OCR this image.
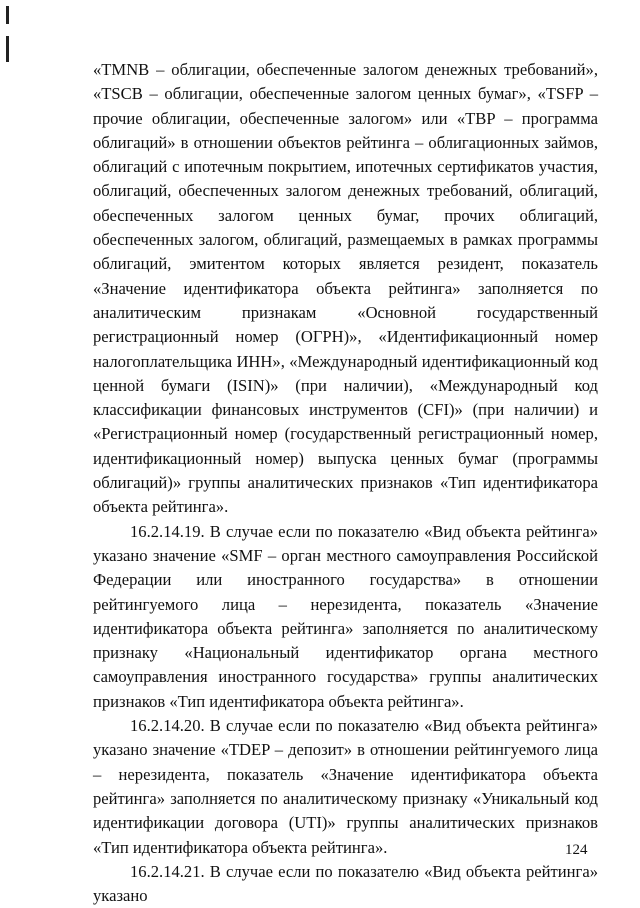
«TMNB – облигации, обеспеченные залогом денежных требований», «TSCB – облигации, обеспеченные залогом ценных бумаг», «TSFP – прочие облигации, обеспеченные залогом» или «TBP – программа облигаций» в отношении объектов рейтинга – облигационных займов, облигаций с ипотечным покрытием, ипотечных сертификатов участия, облигаций, обеспеченных залогом денежных требований, облигаций, обеспеченных залогом ценных бумаг, прочих облигаций, обеспеченных залогом, облигаций, размещаемых в рамках программы облигаций, эмитентом которых является резидент, показатель «Значение идентификатора объекта рейтинга» заполняется по аналитическим признакам «Основной государственный регистрационный номер (ОГРН)», «Идентификационный номер налогоплательщика ИНН», «Международный идентификационный код ценной бумаги (ISIN)» (при наличии), «Международный код классификации финансовых инструментов (CFI)» (при наличии) и «Регистрационный номер (государственный регистрационный номер, идентификационный номер) выпуска ценных бумаг (программы облигаций)» группы аналитических признаков «Тип идентификатора объекта рейтинга».

16.2.14.19. В случае если по показателю «Вид объекта рейтинга» указано значение «SMF – орган местного самоуправления Российской Федерации или иностранного государства» в отношении рейтингуемого лица – нерезидента, показатель «Значение идентификатора объекта рейтинга» заполняется по аналитическому признаку «Национальный идентификатор органа местного самоуправления иностранного государства» группы аналитических признаков «Тип идентификатора объекта рейтинга».

16.2.14.20. В случае если по показателю «Вид объекта рейтинга» указано значение «TDEP – депозит» в отношении рейтингуемого лица – нерезидента, показатель «Значение идентификатора объекта рейтинга» заполняется по аналитическому признаку «Уникальный код идентификации договора (UTI)» группы аналитических признаков «Тип идентификатора объекта рейтинга».

16.2.14.21. В случае если по показателю «Вид объекта рейтинга» указано

124
